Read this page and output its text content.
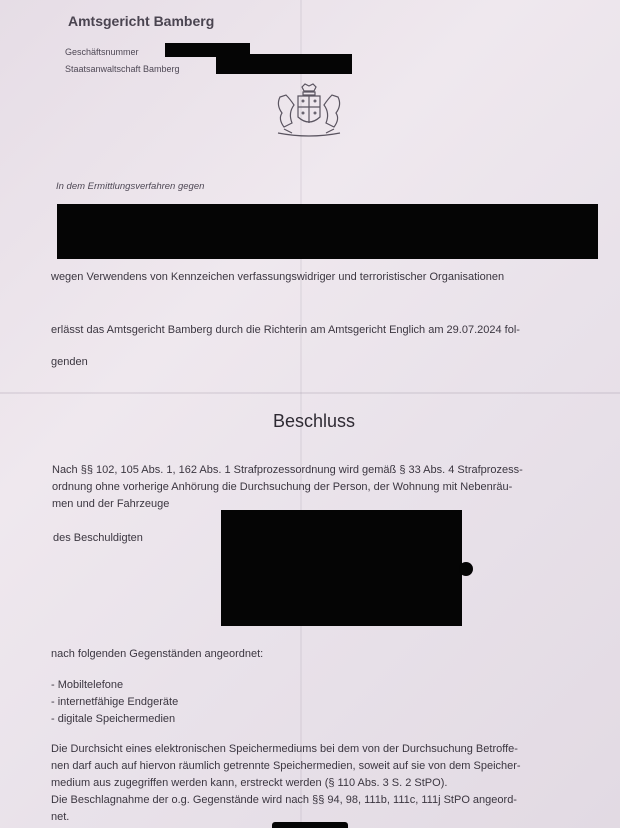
Amtsgericht Bamberg
Geschäftsnummer
Staatsanwaltschaft Bamberg
In dem Ermittlungsverfahren gegen
wegen Verwendens von Kennzeichen verfassungswidriger und terroristischer Organisationen
erlässt das Amtsgericht Bamberg durch die Richterin am Amtsgericht Englich am 29.07.2024 fol-
genden
Beschluss
Nach §§ 102, 105 Abs. 1, 162 Abs. 1 Strafprozessordnung wird gemäß § 33 Abs. 4 Strafprozess-
ordnung ohne vorherige Anhörung die Durchsuchung der Person, der Wohnung mit Nebenräu-
men und der Fahrzeuge
des Beschuldigten
nach folgenden Gegenständen angeordnet:
- Mobiltelefone
- internetfähige Endgeräte
- digitale Speichermedien
Die Durchsicht eines elektronischen Speichermediums bei dem von der Durchsuchung Betroffe-
nen darf auch auf hiervon räumlich getrennte Speichermedien, soweit auf sie von dem Speicher-
medium aus zugegriffen werden kann, erstreckt werden (§ 110 Abs. 3 S. 2 StPO).
Die Beschlagnahme der o.g. Gegenstände wird nach §§ 94, 98, 111b, 111c, 111j StPO angeord-
net.
